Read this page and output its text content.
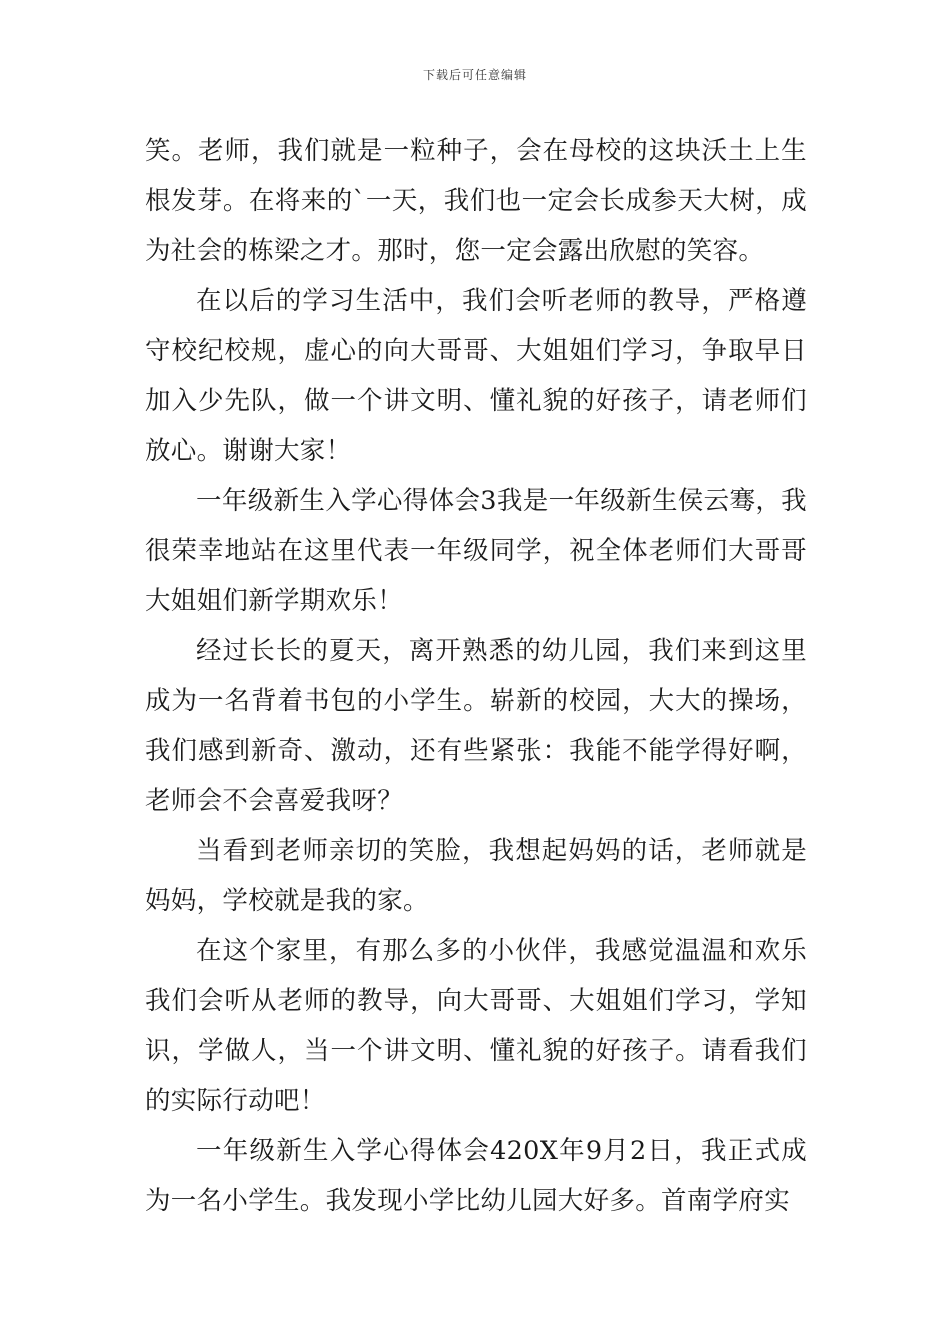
下载后可任意编辑

笑。老师，我们就是一粒种子，会在母校的这块沃土上生根发芽。在将来的`一天，我们也一定会长成参天大树，成为社会的栋梁之才。那时，您一定会露出欣慰的笑容。

在以后的学习生活中，我们会听老师的教导，严格遵守校纪校规，虚心的向大哥哥、大姐姐们学习，争取早日加入少先队，做一个讲文明、懂礼貌的好孩子，请老师们放心。谢谢大家！

一年级新生入学心得体会3我是一年级新生侯云骞，我很荣幸地站在这里代表一年级同学，祝全体老师们大哥哥大姐姐们新学期欢乐！

经过长长的夏天，离开熟悉的幼儿园，我们来到这里成为一名背着书包的小学生。崭新的校园，大大的操场，我们感到新奇、激动，还有些紧张：我能不能学得好啊，老师会不会喜爱我呀？

当看到老师亲切的笑脸，我想起妈妈的话，老师就是妈妈，学校就是我的家。

在这个家里，有那么多的小伙伴，我感觉温温和欢乐我们会听从老师的教导，向大哥哥、大姐姐们学习，学知识，学做人，当一个讲文明、懂礼貌的好孩子。请看我们的实际行动吧！

一年级新生入学心得体会420X年9月2日，我正式成为一名小学生。我发现小学比幼儿园大好多。首南学府实
